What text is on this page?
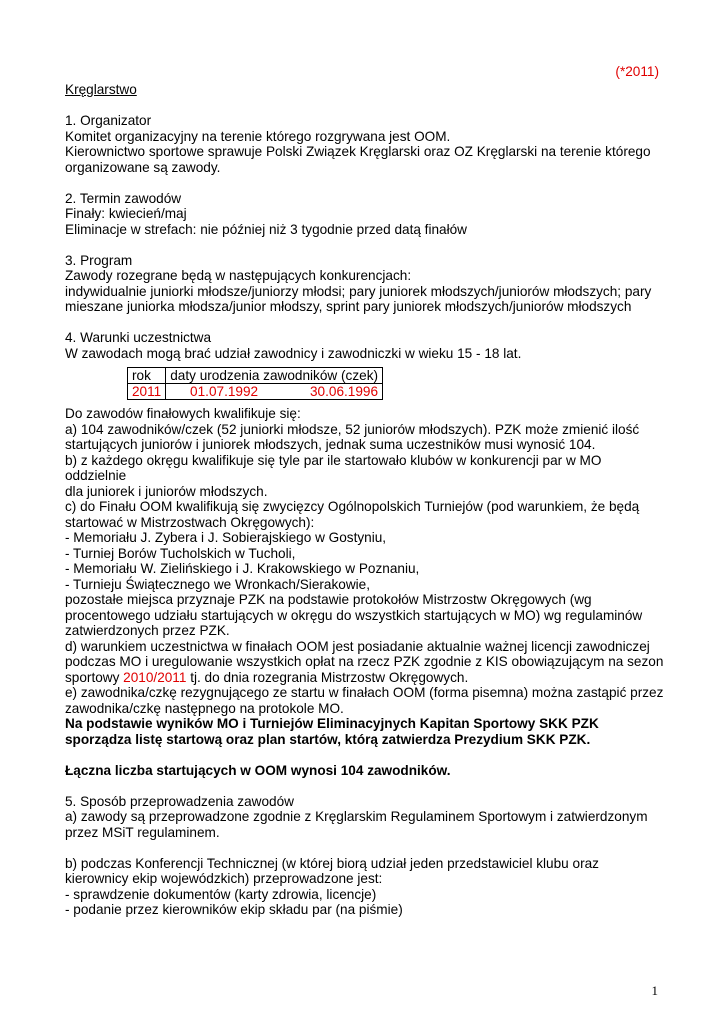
(*2011)

Kręglarstwo

1. Organizator

Komitet organizacyjny na terenie którego rozgrywana jest OOM.

Kierownictwo sportowe sprawuje Polski Związek Kręglarski oraz OZ Kręglarski na terenie którego

organizowane są zawody.

2. Termin zawodów

Finały: kwiecień/maj

Eliminacje w strefach: nie później niż 3 tygodnie przed datą finałów

3. Program

Zawody rozegrane będą w następujących konkurencjach:

indywidualnie juniorki młodsze/juniorzy młodsi; pary juniorek młodszych/juniorów młodszych; pary

mieszane juniorka młodsza/junior młodszy, sprint pary juniorek młodszych/juniorów młodszych

4. Warunki uczestnictwa

W zawodach mogą brać udział zawodnicy i zawodniczki w wieku 15 - 18 lat.

rok	daty urodzenia zawodników (czek)	
2011	01.07.1992	30.06.1996

Do zawodów finałowych kwalifikuje się:

a) 104 zawodników/czek (52 juniorki młodsze, 52 juniorów młodszych). PZK może zmienić ilość

startujących juniorów i juniorek młodszych, jednak suma uczestników musi wynosić 104.

b) z każdego okręgu kwalifikuje się tyle par ile startowało klubów w konkurencji par w MO oddzielnie

dla juniorek i juniorów młodszych.

c) do Finału OOM kwalifikują się zwycięzcy Ogólnopolskich Turniejów (pod warunkiem, że będą

startować w Mistrzostwach Okręgowych):

- Memoriału J. Zybera i J. Sobierajskiego w Gostyniu,

- Turniej Borów Tucholskich w Tucholi,

- Memoriału W. Zielińskiego i J. Krakowskiego w Poznaniu,

- Turnieju Świątecznego we Wronkach/Sierakowie,

pozostałe miejsca przyznaje PZK na podstawie protokołów Mistrzostw Okręgowych (wg

procentowego udziału startujących w okręgu do wszystkich startujących w MO) wg regulaminów

zatwierdzonych przez PZK.

d) warunkiem uczestnictwa w finałach OOM jest posiadanie aktualnie ważnej licencji zawodniczej

podczas MO i uregulowanie wszystkich opłat na rzecz PZK zgodnie z KIS obowiązującym na sezon

sportowy 2010/2011 tj. do dnia rozegrania Mistrzostw Okręgowych.

e) zawodnika/czkę rezygnującego ze startu w finałach OOM (forma pisemna) można zastąpić przez

zawodnika/czkę następnego na protokole MO.

Na podstawie wyników MO i Turniejów Eliminacyjnych Kapitan Sportowy SKK PZK

sporządza listę startową oraz plan startów, którą zatwierdza Prezydium SKK PZK.

Łączna liczba startujących w OOM wynosi 104 zawodników.

5. Sposób przeprowadzenia zawodów

a) zawody są przeprowadzone zgodnie z Kręglarskim Regulaminem Sportowym i zatwierdzonym

przez MSiT regulaminem.

b) podczas Konferencji Technicznej (w której biorą udział jeden przedstawiciel klubu oraz

kierownicy ekip wojewódzkich) przeprowadzone jest:

- sprawdzenie dokumentów (karty zdrowia, licencje)

- podanie przez kierowników ekip składu par (na piśmie)

1
